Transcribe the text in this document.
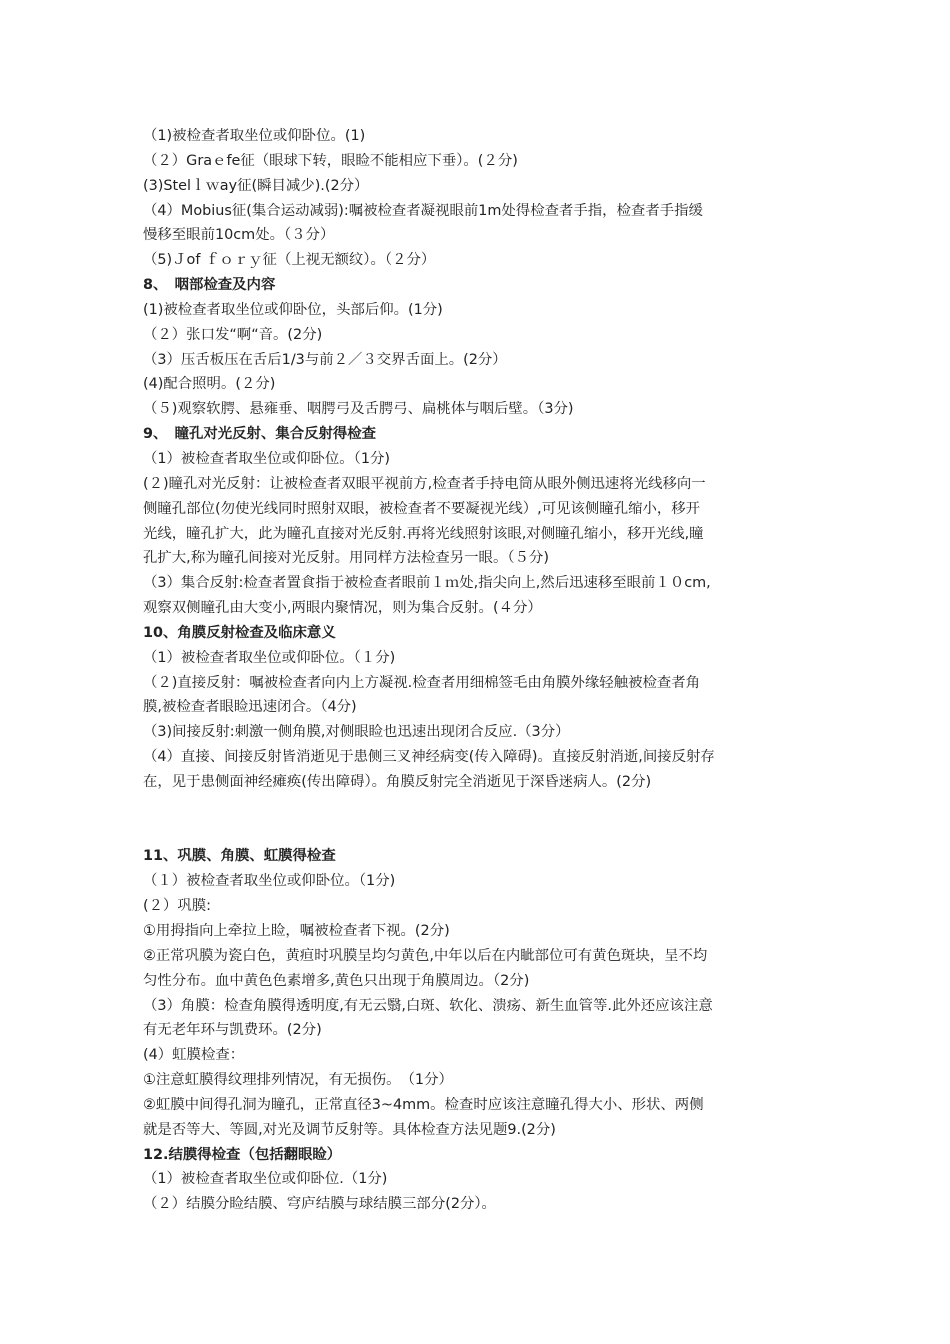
（1)被检查者取坐位或仰卧位。(1)
（２）Graｅfe征（眼球下转，眼睑不能相应下垂）。(２分)
(3)Stelｌｗay征(瞬目减少).(2分）
（4）Mobius征(集合运动减弱):嘱被检查者凝视眼前1m处得检查者手指，检查者手指缓
慢移至眼前10cm处。（３分）
（5)Ｊof ｆｏｒｙ征（上视无额纹）。（２分）
8、　咽部检查及内容
(1)被检查者取坐位或仰卧位，头部后仰。(1分)
（２）张口发“啊“音。(2分)
（3）压舌板压在舌后1/3与前２／３交界舌面上。(2分）
(4)配合照明。(２分)
（５)观察软腭、悬雍垂、咽腭弓及舌腭弓、扁桃体与咽后壁。（3分)
9、　瞳孔对光反射、集合反射得检查
（1）被检查者取坐位或仰卧位。（1分)
(２)瞳孔对光反射：让被检查者双眼平视前方,检查者手持电筒从眼外侧迅速将光线移向一
侧瞳孔部位(勿使光线同时照射双眼，被检查者不要凝视光线）,可见该侧瞳孔缩小，移开
光线，瞳孔扩大，此为瞳孔直接对光反射.再将光线照射该眼,对侧瞳孔缩小，移开光线,瞳
孔扩大,称为瞳孔间接对光反射。用同样方法检查另一眼。（５分)
（3）集合反射:检查者置食指于被检查者眼前１ｍ处,指尖向上,然后迅速移至眼前１０cm,
观察双侧瞳孔由大变小,两眼内聚情况，则为集合反射。(４分）
10、角膜反射检查及临床意义
（1）被检查者取坐位或仰卧位。（１分)
（２)直接反射：嘱被检查者向内上方凝视.检查者用细棉签毛由角膜外缘轻触被检查者角
膜,被检查者眼睑迅速闭合。（4分)
（3)间接反射:刺激一侧角膜,对侧眼睑也迅速出现闭合反应.（3分）
（4）直接、间接反射皆消逝见于患侧三叉神经病变(传入障碍)。直接反射消逝,间接反射存
在，见于患侧面神经瘫痪(传出障碍）。角膜反射完全消逝见于深昏迷病人。(2分)
11、巩膜、角膜、虹膜得检查
（１）被检查者取坐位或仰卧位。（1分)
(２）巩膜:
①用拇指向上牵拉上睑，嘱被检查者下视。(2分)
②正常巩膜为瓷白色，黄疸时巩膜呈均匀黄色,中年以后在内眦部位可有黄色斑块，呈不均
匀性分布。血中黄色色素增多,黄色只出现于角膜周边。（2分)
（3）角膜：检查角膜得透明度,有无云翳,白斑、软化、溃疡、新生血管等.此外还应该注意
有无老年环与凯费环。(2分)
(4）虹膜检查：
①注意虹膜得纹理排列情况，有无损伤。　（1分）
②虹膜中间得孔洞为瞳孔，正常直径3~4mm。检查时应该注意瞳孔得大小、形状、两侧
就是否等大、等圆,对光及调节反射等。具体检查方法见题9.(2分)
12.结膜得检查（包括翻眼睑）
（1）被检查者取坐位或仰卧位.（1分)
（２）结膜分睑结膜、穹庐结膜与球结膜三部分(2分）。
